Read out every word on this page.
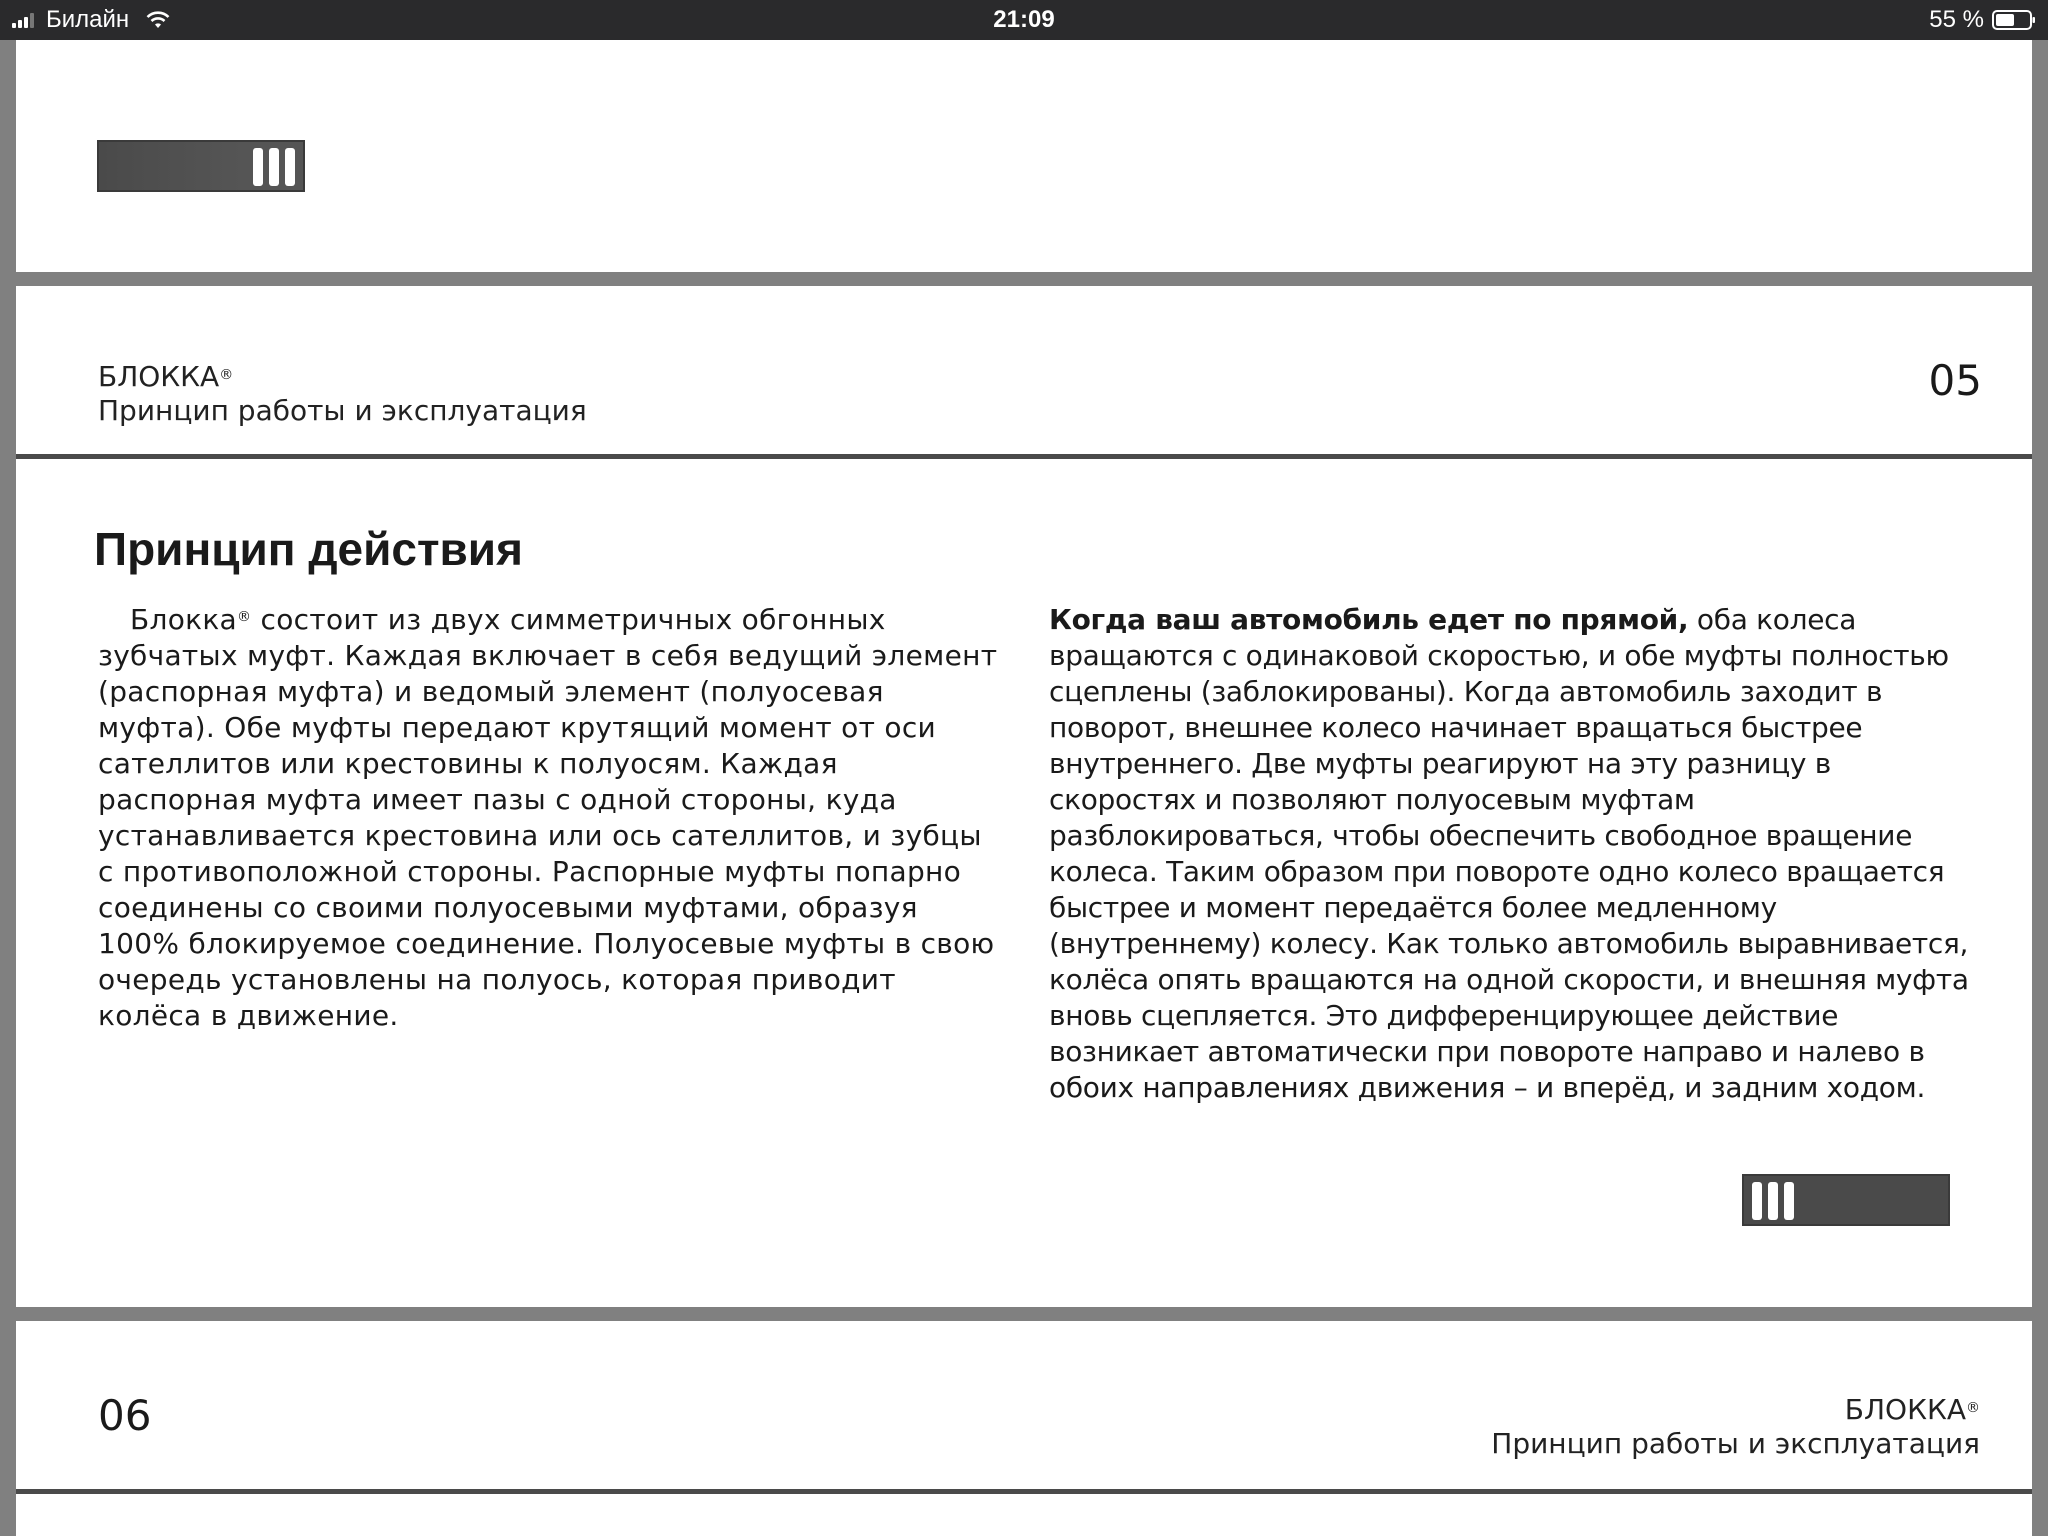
Билайн	21:09	55 %
БЛОККА®
Принцип работы и эксплуатация
05
Принцип действия
Блокка® состоит из двух симметричных обгонных зубчатых муфт. Каждая включает в себя ведущий элемент (распорная муфта) и ведомый элемент (полуосевая муфта). Обе муфты передают крутящий момент от оси сателлитов или крестовины к полуосям. Каждая распорная муфта имеет пазы с одной стороны, куда устанавливается крестовина или ось сателлитов, и зубцы с противоположной стороны. Распорные муфты попарно соединены со своими полуосевыми муфтами, образуя 100% блокируемое соединение. Полуосевые муфты в свою очередь установлены на полуось, которая приводит колёса в движение.
Когда ваш автомобиль едет по прямой, оба колеса вращаются с одинаковой скоростью, и обе муфты полностью сцеплены (заблокированы). Когда автомобиль заходит в поворот, внешнее колесо начинает вращаться быстрее внутреннего. Две муфты реагируют на эту разницу в скоростях и позволяют полуосевым муфтам разблокироваться, чтобы обеспечить свободное вращение колеса. Таким образом при повороте одно колесо вращается быстрее и момент передаётся более медленному (внутреннему) колесу. Как только автомобиль выравнивается, колёса опять вращаются на одной скорости, и внешняя муфта вновь сцепляется. Это дифференцирующее действие возникает автоматически при повороте направо и налево в обоих направлениях движения – и вперёд, и задним ходом.
06	БЛОККА®
Принцип работы и эксплуатация
